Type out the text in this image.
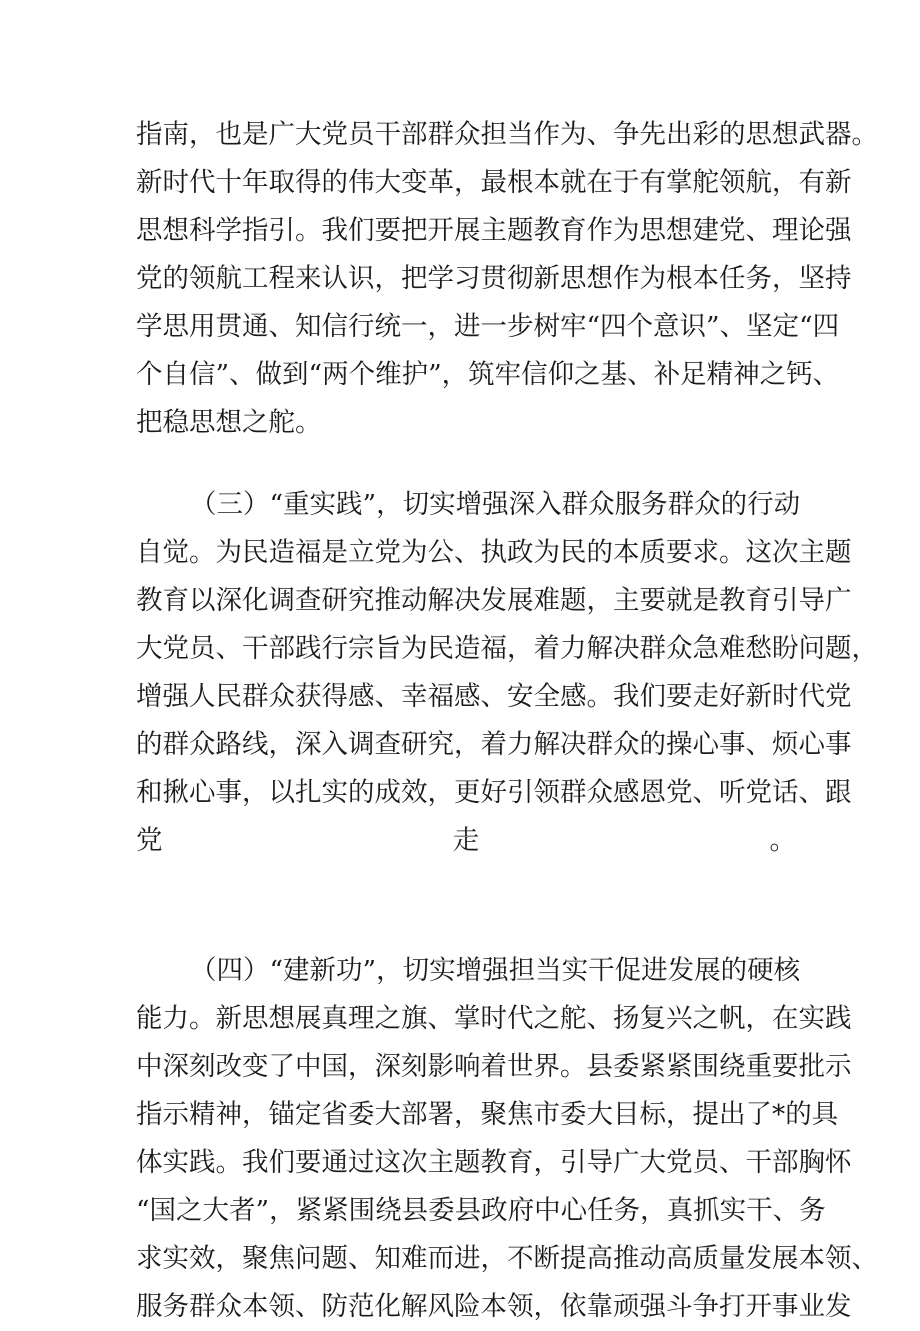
指南，也是广大党员干部群众担当作为、争先出彩的思想武器。
新时代十年取得的伟大变革，最根本就在于有掌舵领航，有新
思想科学指引。我们要把开展主题教育作为思想建党、理论强
党的领航工程来认识，把学习贯彻新思想作为根本任务，坚持
学思用贯通、知信行统一，进一步树牢“四个意识”、坚定“四
个自信”、做到“两个维护”，筑牢信仰之基、补足精神之钙、
把稳思想之舵。
（三）“重实践”，切实增强深入群众服务群众的行动
自觉。为民造福是立党为公、执政为民的本质要求。这次主题
教育以深化调查研究推动解决发展难题，主要就是教育引导广
大党员、干部践行宗旨为民造福，着力解决群众急难愁盼问题，
增强人民群众获得感、幸福感、安全感。我们要走好新时代党
的群众路线，深入调查研究，着力解决群众的操心事、烦心事
和揪心事，以扎实的成效，更好引领群众感恩党、听党话、跟
党走。
（四）“建新功”，切实增强担当实干促进发展的硬核
能力。新思想展真理之旗、掌时代之舵、扬复兴之帆，在实践
中深刻改变了中国，深刻影响着世界。县委紧紧围绕重要批示
指示精神，锚定省委大部署，聚焦市委大目标，提出了*的具
体实践。我们要通过这次主题教育，引导广大党员、干部胸怀
“国之大者”，紧紧围绕县委县政府中心任务，真抓实干、务
求实效，聚焦问题、知难而进，不断提高推动高质量发展本领、
服务群众本领、防范化解风险本领，依靠顽强斗争打开事业发
